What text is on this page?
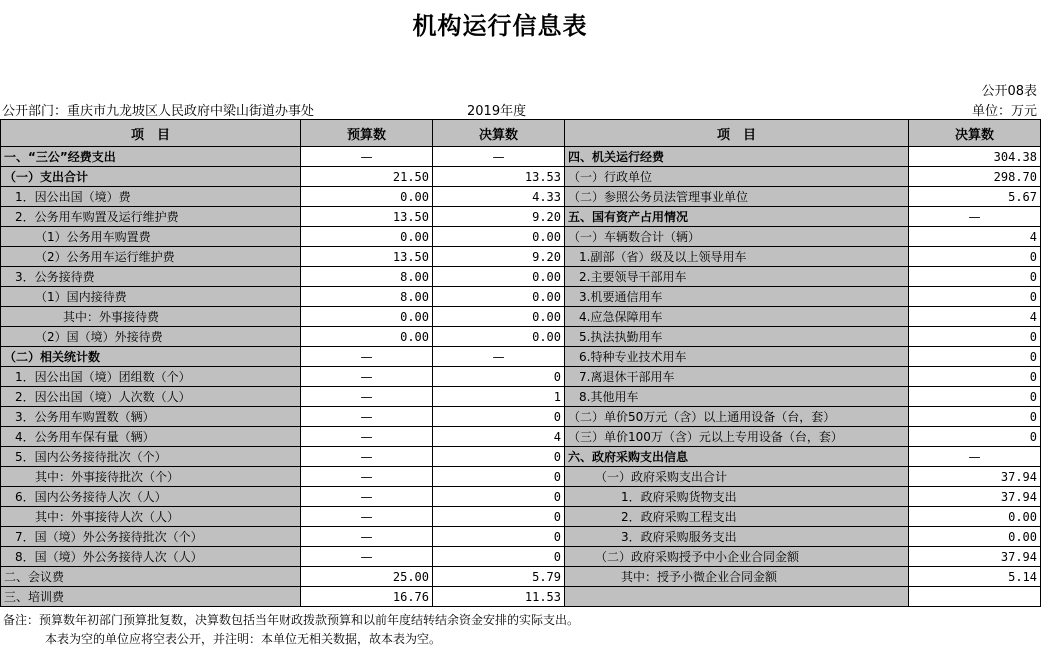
机构运行信息表
公开08表
公开部门：重庆市九龙坡区人民政府中梁山街道办事处	2019年度	单位：万元
项　目	预算数	决算数	项　目	决算数
一、“三公”经费支出	—	—	四、机关运行经费	304.38
（一）支出合计	21.50	13.53	（一）行政单位	298.70
1．因公出国（境）费	0.00	4.33	（二）参照公务员法管理事业单位	5.67
2．公务用车购置及运行维护费	13.50	9.20	五、国有资产占用情况	—
（1）公务用车购置费	0.00	0.00	（一）车辆数合计（辆）	4
（2）公务用车运行维护费	13.50	9.20	1.副部（省）级及以上领导用车	0
3．公务接待费	8.00	0.00	2.主要领导干部用车	0
（1）国内接待费	8.00	0.00	3.机要通信用车	0
其中：外事接待费	0.00	0.00	4.应急保障用车	4
（2）国（境）外接待费	0.00	0.00	5.执法执勤用车	0
（二）相关统计数	—	—	6.特种专业技术用车	0
1．因公出国（境）团组数（个）	—	0	7.离退休干部用车	0
2．因公出国（境）人次数（人）	—	1	8.其他用车	0
3．公务用车购置数（辆）	—	0	（二）单价50万元（含）以上通用设备（台，套）	0
4．公务用车保有量（辆）	—	4	（三）单价100万（含）元以上专用设备（台，套）	0
5．国内公务接待批次（个）	—	0	六、政府采购支出信息	—
其中：外事接待批次（个）	—	0	（一）政府采购支出合计	37.94
6．国内公务接待人次（人）	—	0	1．政府采购货物支出	37.94
其中：外事接待人次（人）	—	0	2．政府采购工程支出	0.00
7．国（境）外公务接待批次（个）	—	0	3．政府采购服务支出	0.00
8．国（境）外公务接待人次（人）	—	0	（二）政府采购授予中小企业合同金额	37.94
二、会议费	25.00	5.79	其中：授予小微企业合同金额	5.14
三、培训费	16.76	11.53		
备注：预算数年初部门预算批复数，决算数包括当年财政拨款预算和以前年度结转结余资金安排的实际支出。
本表为空的单位应将空表公开，并注明：本单位无相关数据，故本表为空。
